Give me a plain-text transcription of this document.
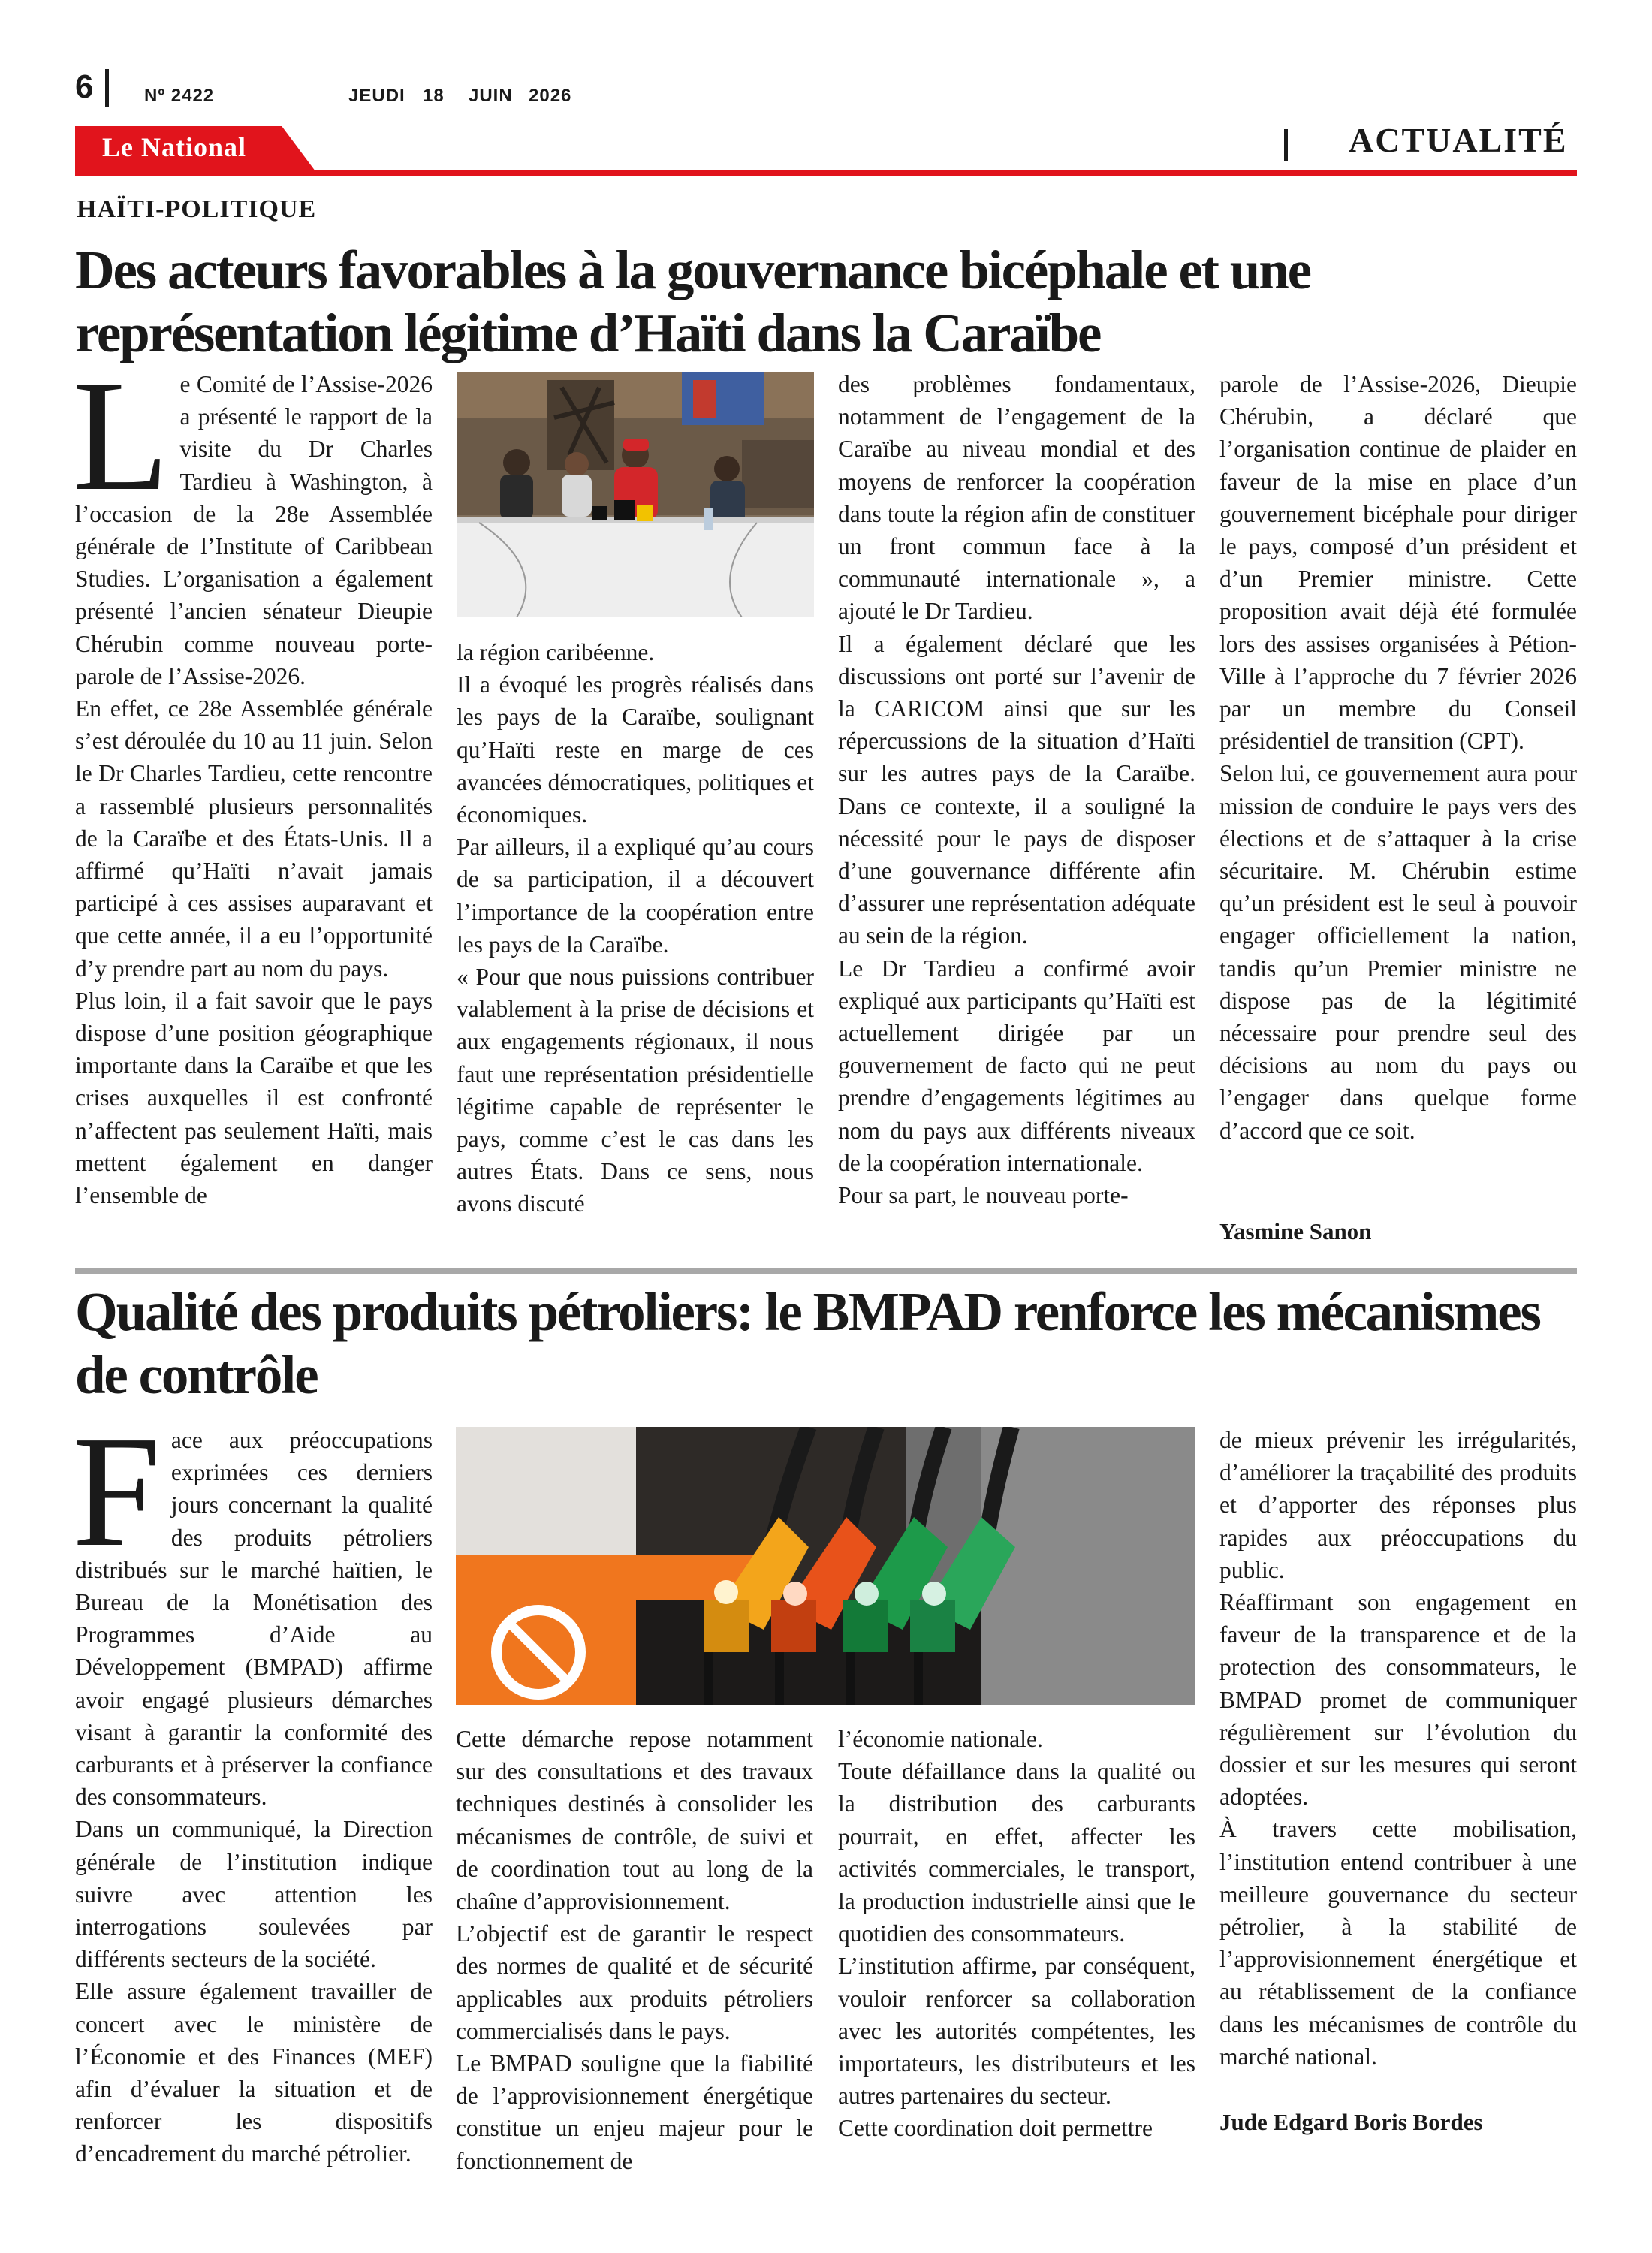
6	Nº 2422	JEUDI 18 JUIN 2026
Le National	ACTUALITÉ
HAÏTI-POLITIQUE
Des acteurs favorables à la gouvernance bicéphale et une représentation légitime d’Haïti dans la Caraïbe
L e Comité de l’Assise-2026 a présenté le rapport de la visite du Dr Charles Tardieu à Washington, à l’occasion de la 28e Assemblée générale de l’Institute of Caribbean Studies. L’organisation a également présenté l’ancien sénateur Dieupie Chérubin comme nouveau porte-parole de l’Assise-2026.

En effet, ce 28e Assemblée générale s’est déroulée du 10 au 11 juin. Selon le Dr Charles Tardieu, cette rencontre a rassemblé plusieurs personnalités de la Caraïbe et des États-Unis. Il a affirmé qu’Haïti n’avait jamais participé à ces assises auparavant et que cette année, il a eu l’opportunité d’y prendre part au nom du pays.

Plus loin, il a fait savoir que le pays dispose d’une position géographique importante dans la Caraïbe et que les crises auxquelles il est confronté n’affectent pas seulement Haïti, mais mettent également en danger l’ensemble de

la région caribéenne.

Il a évoqué les progrès réalisés dans les pays de la Caraïbe, soulignant qu’Haïti reste en marge de ces avancées démocratiques, politiques et économiques.

Par ailleurs, il a expliqué qu’au cours de sa participation, il a découvert l’importance de la coopération entre les pays de la Caraïbe.

« Pour que nous puissions contribuer valablement à la prise de décisions et aux engagements régionaux, il nous faut une représentation présidentielle légitime capable de représenter le pays, comme c’est le cas dans les autres États. Dans ce sens, nous avons discuté

des problèmes fondamentaux, notamment de l’engagement de la Caraïbe au niveau mondial et des moyens de renforcer la coopération dans toute la région afin de constituer un front commun face à la communauté internationale », a ajouté le Dr Tardieu.

Il a également déclaré que les discussions ont porté sur l’avenir de la CARICOM ainsi que sur les répercussions de la situation d’Haïti sur les autres pays de la Caraïbe. Dans ce contexte, il a souligné la nécessité pour le pays de disposer d’une gouvernance différente afin d’assurer une représentation adéquate au sein de la région.

Le Dr Tardieu a confirmé avoir expliqué aux participants qu’Haïti est actuellement dirigée par un gouvernement de facto qui ne peut prendre d’engagements légitimes au nom du pays aux différents niveaux de la coopération internationale.

Pour sa part, le nouveau porte-

parole de l’Assise-2026, Dieupie Chérubin, a déclaré que l’organisation continue de plaider en faveur de la mise en place d’un gouvernement bicéphale pour diriger le pays, composé d’un président et d’un Premier ministre. Cette proposition avait déjà été formulée lors des assises organisées à Pétion-Ville à l’approche du 7 février 2026 par un membre du Conseil présidentiel de transition (CPT).

Selon lui, ce gouvernement aura pour mission de conduire le pays vers des élections et de s’attaquer à la crise sécuritaire. M. Chérubin estime qu’un président est le seul à pouvoir engager officiellement la nation, tandis qu’un Premier ministre ne dispose pas de la légitimité nécessaire pour prendre seul des décisions au nom du pays ou l’engager dans quelque forme d’accord que ce soit.

Yasmine Sanon
Qualité des produits pétroliers: le BMPAD renforce les mécanismes de contrôle
F ace aux préoccupations exprimées ces derniers jours concernant la qualité des produits pétroliers distribués sur le marché haïtien, le Bureau de la Monétisation des Programmes d’Aide au Développement (BMPAD) affirme avoir engagé plusieurs démarches visant à garantir la conformité des carburants et à préserver la confiance des consommateurs.

Dans un communiqué, la Direction générale de l’institution indique suivre avec attention les interrogations soulevées par différents secteurs de la société.

Elle assure également travailler de concert avec le ministère de l’Économie et des Finances (MEF) afin d’évaluer la situation et de renforcer les dispositifs d’encadrement du marché pétrolier.

Cette démarche repose notamment sur des consultations et des travaux techniques destinés à consolider les mécanismes de contrôle, de suivi et de coordination tout au long de la chaîne d’approvisionnement.

L’objectif est de garantir le respect des normes de qualité et de sécurité applicables aux produits pétroliers commercialisés dans le pays.

Le BMPAD souligne que la fiabilité de l’approvisionnement énergétique constitue un enjeu majeur pour le fonctionnement de

l’économie nationale.

Toute défaillance dans la qualité ou la distribution des carburants pourrait, en effet, affecter les activités commerciales, le transport, la production industrielle ainsi que le quotidien des consommateurs.

L’institution affirme, par conséquent, vouloir renforcer sa collaboration avec les autorités compétentes, les importateurs, les distributeurs et les autres partenaires du secteur.

Cette coordination doit permettre

de mieux prévenir les irrégularités, d’améliorer la traçabilité des produits et d’apporter des réponses plus rapides aux préoccupations du public.

Réaffirmant son engagement en faveur de la transparence et de la protection des consommateurs, le BMPAD promet de communiquer régulièrement sur l’évolution du dossier et sur les mesures qui seront adoptées.

À travers cette mobilisation, l’institution entend contribuer à une meilleure gouvernance du secteur pétrolier, à la stabilité de l’approvisionnement énergétique et au rétablissement de la confiance dans les mécanismes de contrôle du marché national.

Jude Edgard Boris Bordes
